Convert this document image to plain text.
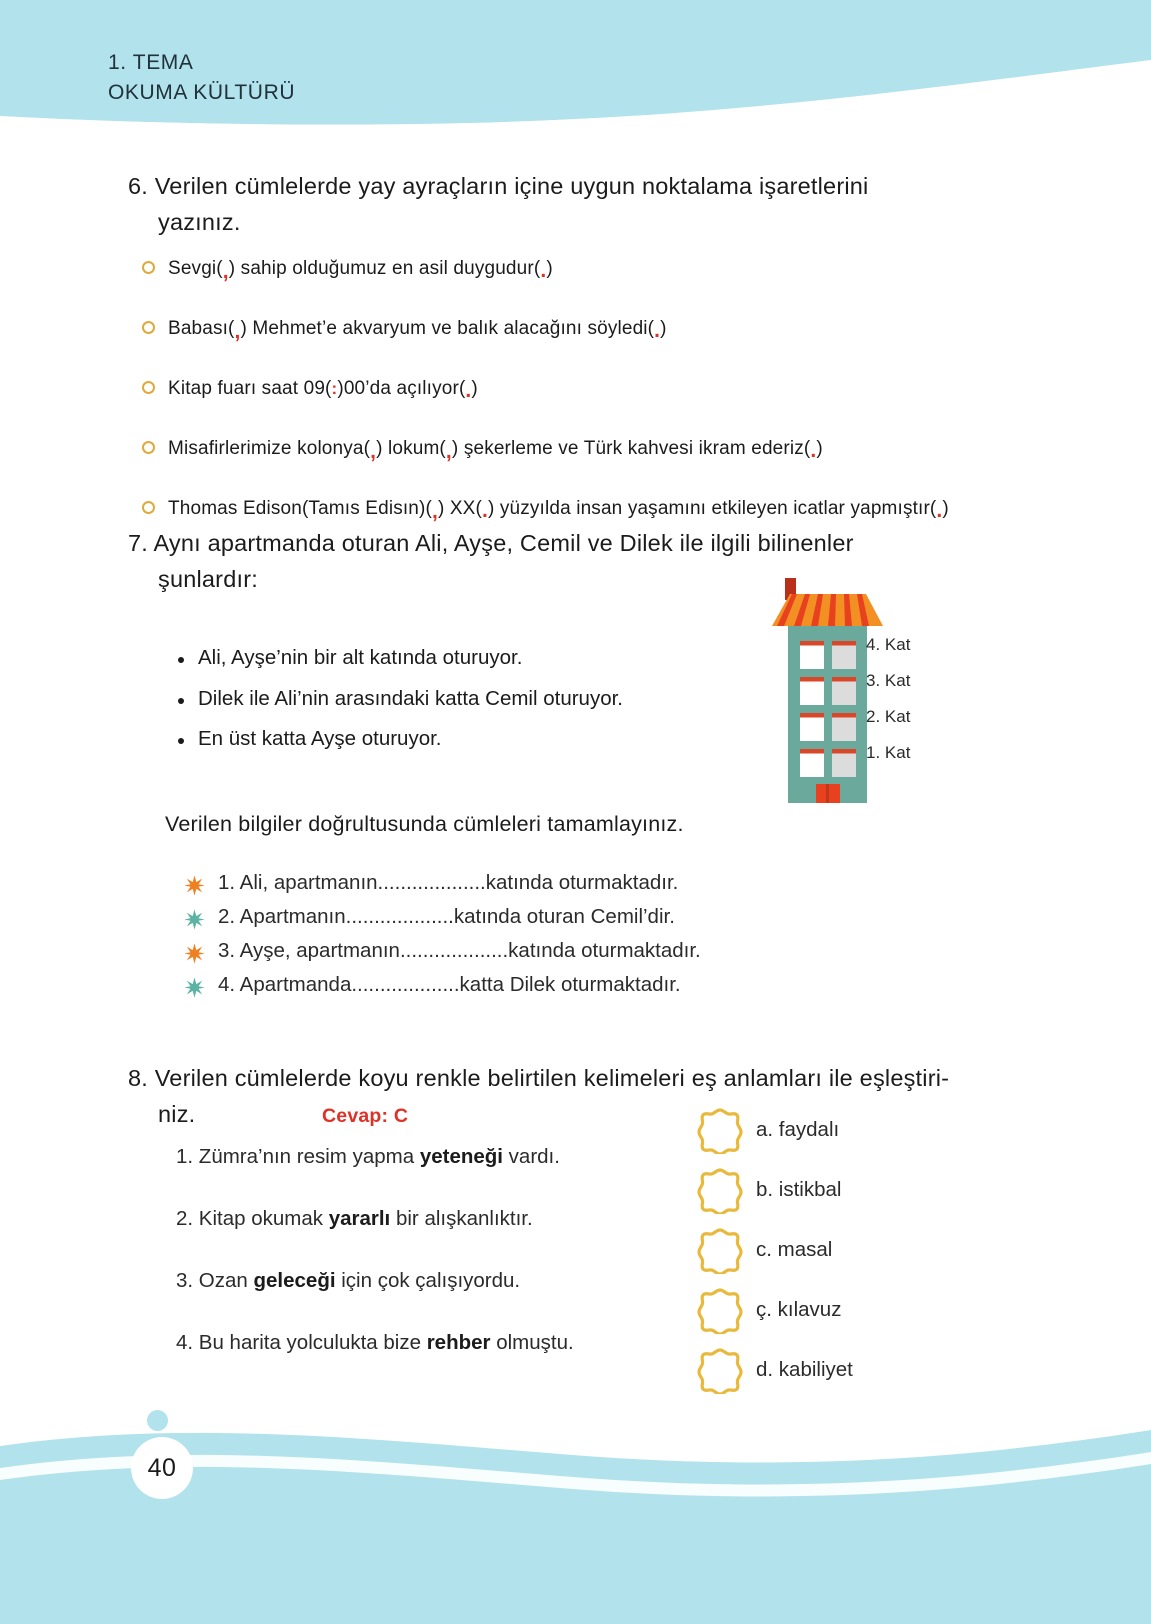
1. TEMA
OKUMA KÜLTÜRÜ
6. Verilen cümlelerde yay ayraçların içine uygun noktalama işaretlerini
yazınız.
Sevgi(,) sahip olduğumuz en asil duygudur(.)
Babası(,) Mehmet’e akvaryum ve balık alacağını söyledi(.)
Kitap fuarı saat 09(:)00’da açılıyor(.)
Misafirlerimize kolonya(,) lokum(,) şekerleme ve Türk kahvesi ikram ederiz(.)
Thomas Edison(Tamıs Edisın)(,) XX(.) yüzyılda insan yaşamını etkileyen icatlar yapmıştır(.)
7. Aynı apartmanda oturan Ali, Ayşe, Cemil ve Dilek ile ilgili bilinenler
şunlardır:
Ali, Ayşe’nin bir alt katında oturuyor.
Dilek ile Ali’nin arasındaki katta Cemil oturuyor.
En üst katta Ayşe oturuyor.
4. Kat
3. Kat
2. Kat
1. Kat
Verilen bilgiler doğrultusunda cümleleri tamamlayınız.
1. Ali, apartmanın...................katında oturmaktadır.
2. Apartmanın...................katında oturan Cemil’dir.
3. Ayşe, apartmanın...................katında oturmaktadır.
4. Apartmanda...................katta Dilek oturmaktadır.
8. Verilen cümlelerde koyu renkle belirtilen kelimeleri eş anlamları ile eşleştiri-
niz.	Cevap: C
1. Zümra’nın resim yapma yeteneği vardı.
2. Kitap okumak yararlı bir alışkanlıktır.
3. Ozan geleceği için çok çalışıyordu.
4. Bu harita yolculukta bize rehber olmuştu.
a. faydalı
b. istikbal
c. masal
ç. kılavuz
d. kabiliyet
40
